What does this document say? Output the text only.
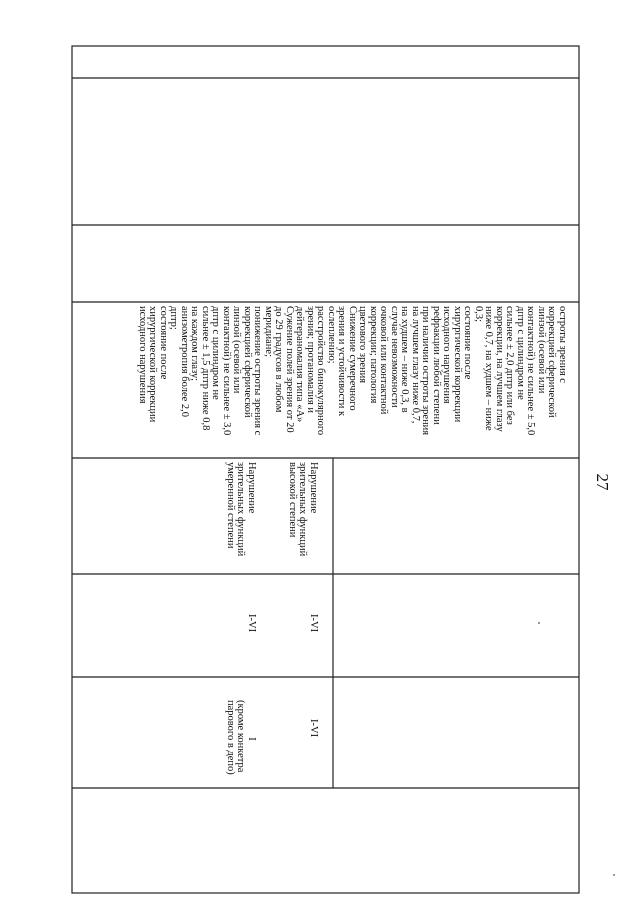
27
остроты зрения с
коррекцией сферической
линзой (осевой или
контактной) не сильнее ± 5,0
дптр с цилиндром не
сильнее ± 2,0 дптр или без
коррекции, на лучшем глазу
ниже 0,7, на худшем – ниже
0,3;
состояние после
хирургической коррекции
исходного нарушения
рефракции любой степени
при наличии остроты зрения
на лучшем глазу ниже 0,7,
на худшем – ниже 0,3, в
случае невозможности
очковой или контактной
коррекции; патология
цветового зрения
Снижение сумеречного
зрения и устойчивости к
ослеплению;
расстройство бинокулярного
зрения; протаномалия и
дейтераномалия типа «А»
Сужение полей зрения от 20
до 29 градусов в любом
меридиане;
понижение остроты зрения с
коррекцией сферической
линзой (осевой или
контактной) не сильнее ± 3,0
дптр с цилиндром не
сильнее ± 1,5 дптр ниже 0,8
на каждом глазу;
анизометропия более 2,0
дптр;
состояние после
хирургической коррекции
исходного нарушения
Нарушение
зрительных функций
высокой степени
Нарушение
зрительных функций
умеренной степени
I-VI
I-VI
I-VI
I
(кроме конкетра
парового в депо)
